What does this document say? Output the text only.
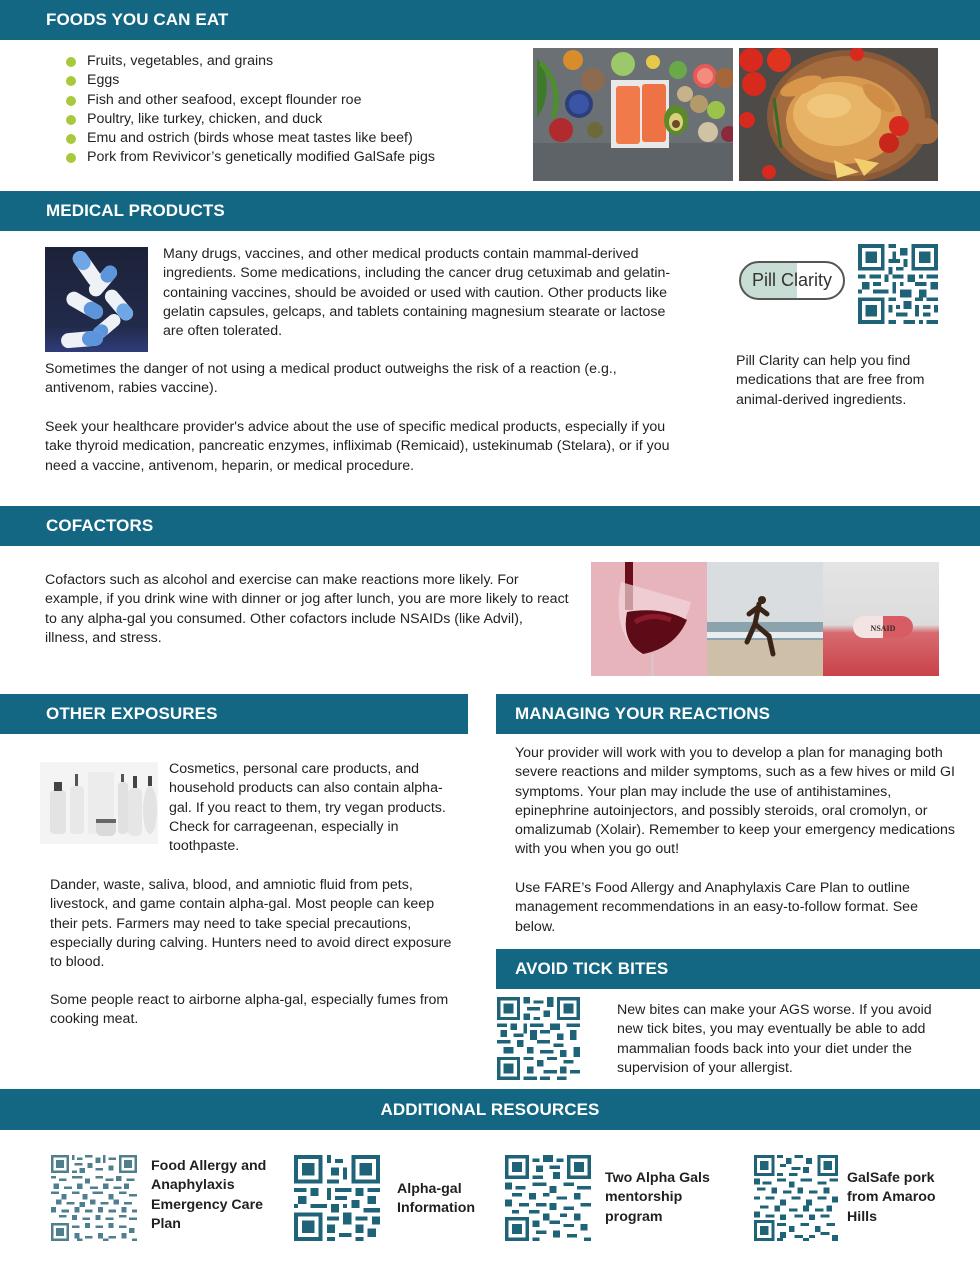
FOODS YOU CAN EAT
Fruits, vegetables, and grains
Eggs
Fish and other seafood, except flounder roe
Poultry, like turkey, chicken, and duck
Emu and ostrich (birds whose meat tastes like beef)
Pork from Revivicor’s genetically modified GalSafe pigs
MEDICAL PRODUCTS
Many drugs, vaccines, and other medical products contain mammal-derived ingredients. Some medications, including the cancer drug cetuximab and gelatin-containing vaccines, should be avoided or used with caution. Other products like gelatin capsules, gelcaps, and tablets containing magnesium stearate or lactose are often tolerated.
Sometimes the danger of not using a medical product outweighs the risk of a reaction (e.g., antivenom, rabies vaccine).
Seek your healthcare provider's advice about the use of specific medical products, especially if you take thyroid medication, pancreatic enzymes, infliximab (Remicaid), ustekinumab (Stelara), or if you need a vaccine, antivenom, heparin, or medical procedure.
Pill Clarity
Pill Clarity can help you find medications that are free from animal-derived ingredients.
COFACTORS
Cofactors such as alcohol and exercise can make reactions more likely. For example, if you drink wine with dinner or jog after lunch, you are more likely to react to any alpha-gal you consumed. Other cofactors include NSAIDs (like Advil), illness, and stress.
NSAID
OTHER EXPOSURES
Cosmetics, personal care products, and household products can also contain alpha-gal. If you react to them, try vegan products. Check for carrageenan, especially in toothpaste.
Dander, waste, saliva, blood, and amniotic fluid from pets, livestock, and game contain alpha-gal. Most people can keep their pets. Farmers may need to take special precautions, especially during calving. Hunters need to avoid direct exposure to blood.
Some people react to airborne alpha-gal, especially fumes from cooking meat.
MANAGING YOUR REACTIONS
Your provider will work with you to develop a plan for managing both severe reactions and milder symptoms, such as a few hives or mild GI symptoms. Your plan may include the use of antihistamines, epinephrine autoinjectors, and possibly steroids, oral cromolyn, or omalizumab (Xolair). Remember to keep your emergency medications with you when you go out!
Use FARE’s Food Allergy and Anaphylaxis Care Plan to outline management recommendations in an easy-to-follow format. See below.
AVOID TICK BITES
New bites can make your AGS worse. If you avoid new tick bites, you may eventually be able to add mammalian foods back into your diet under the supervision of your allergist.
ADDITIONAL RESOURCES
Food Allergy and Anaphylaxis Emergency Care Plan
Alpha-gal Information
Two Alpha Gals mentorship program
GalSafe pork from Amaroo Hills
